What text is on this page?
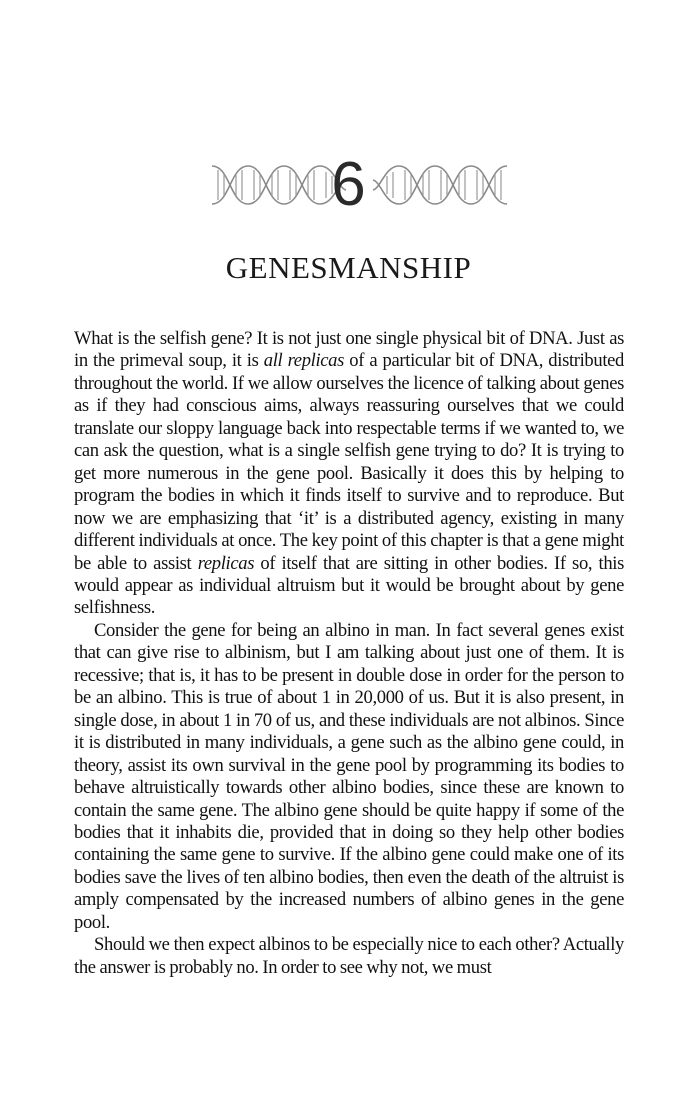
6
GENESMANSHIP

What is the selfish gene? It is not just one single physical bit of DNA. Just as in the primeval soup, it is all replicas of a particular bit of DNA, distributed throughout the world. If we allow ourselves the licence of talking about genes as if they had conscious aims, always reassuring ourselves that we could translate our sloppy language back into respectable terms if we wanted to, we can ask the question, what is a single selfish gene trying to do? It is trying to get more numerous in the gene pool. Basically it does this by helping to program the bodies in which it finds itself to survive and to reproduce. But now we are emphasizing that ‘it’ is a distributed agency, existing in many different individuals at once. The key point of this chapter is that a gene might be able to assist replicas of itself that are sitting in other bodies. If so, this would appear as individual altruism but it would be brought about by gene selfishness.

Consider the gene for being an albino in man. In fact several genes exist that can give rise to albinism, but I am talking about just one of them. It is recessive; that is, it has to be present in double dose in order for the person to be an albino. This is true of about 1 in 20,000 of us. But it is also present, in single dose, in about 1 in 70 of us, and these individuals are not albinos. Since it is distributed in many individuals, a gene such as the albino gene could, in theory, assist its own survival in the gene pool by programming its bodies to behave altruistically towards other albino bodies, since these are known to contain the same gene. The albino gene should be quite happy if some of the bodies that it inhabits die, provided that in doing so they help other bodies containing the same gene to survive. If the albino gene could make one of its bodies save the lives of ten albino bodies, then even the death of the altruist is amply compensated by the increased numbers of albino genes in the gene pool.

Should we then expect albinos to be especially nice to each other? Actually the answer is probably no. In order to see why not, we must
